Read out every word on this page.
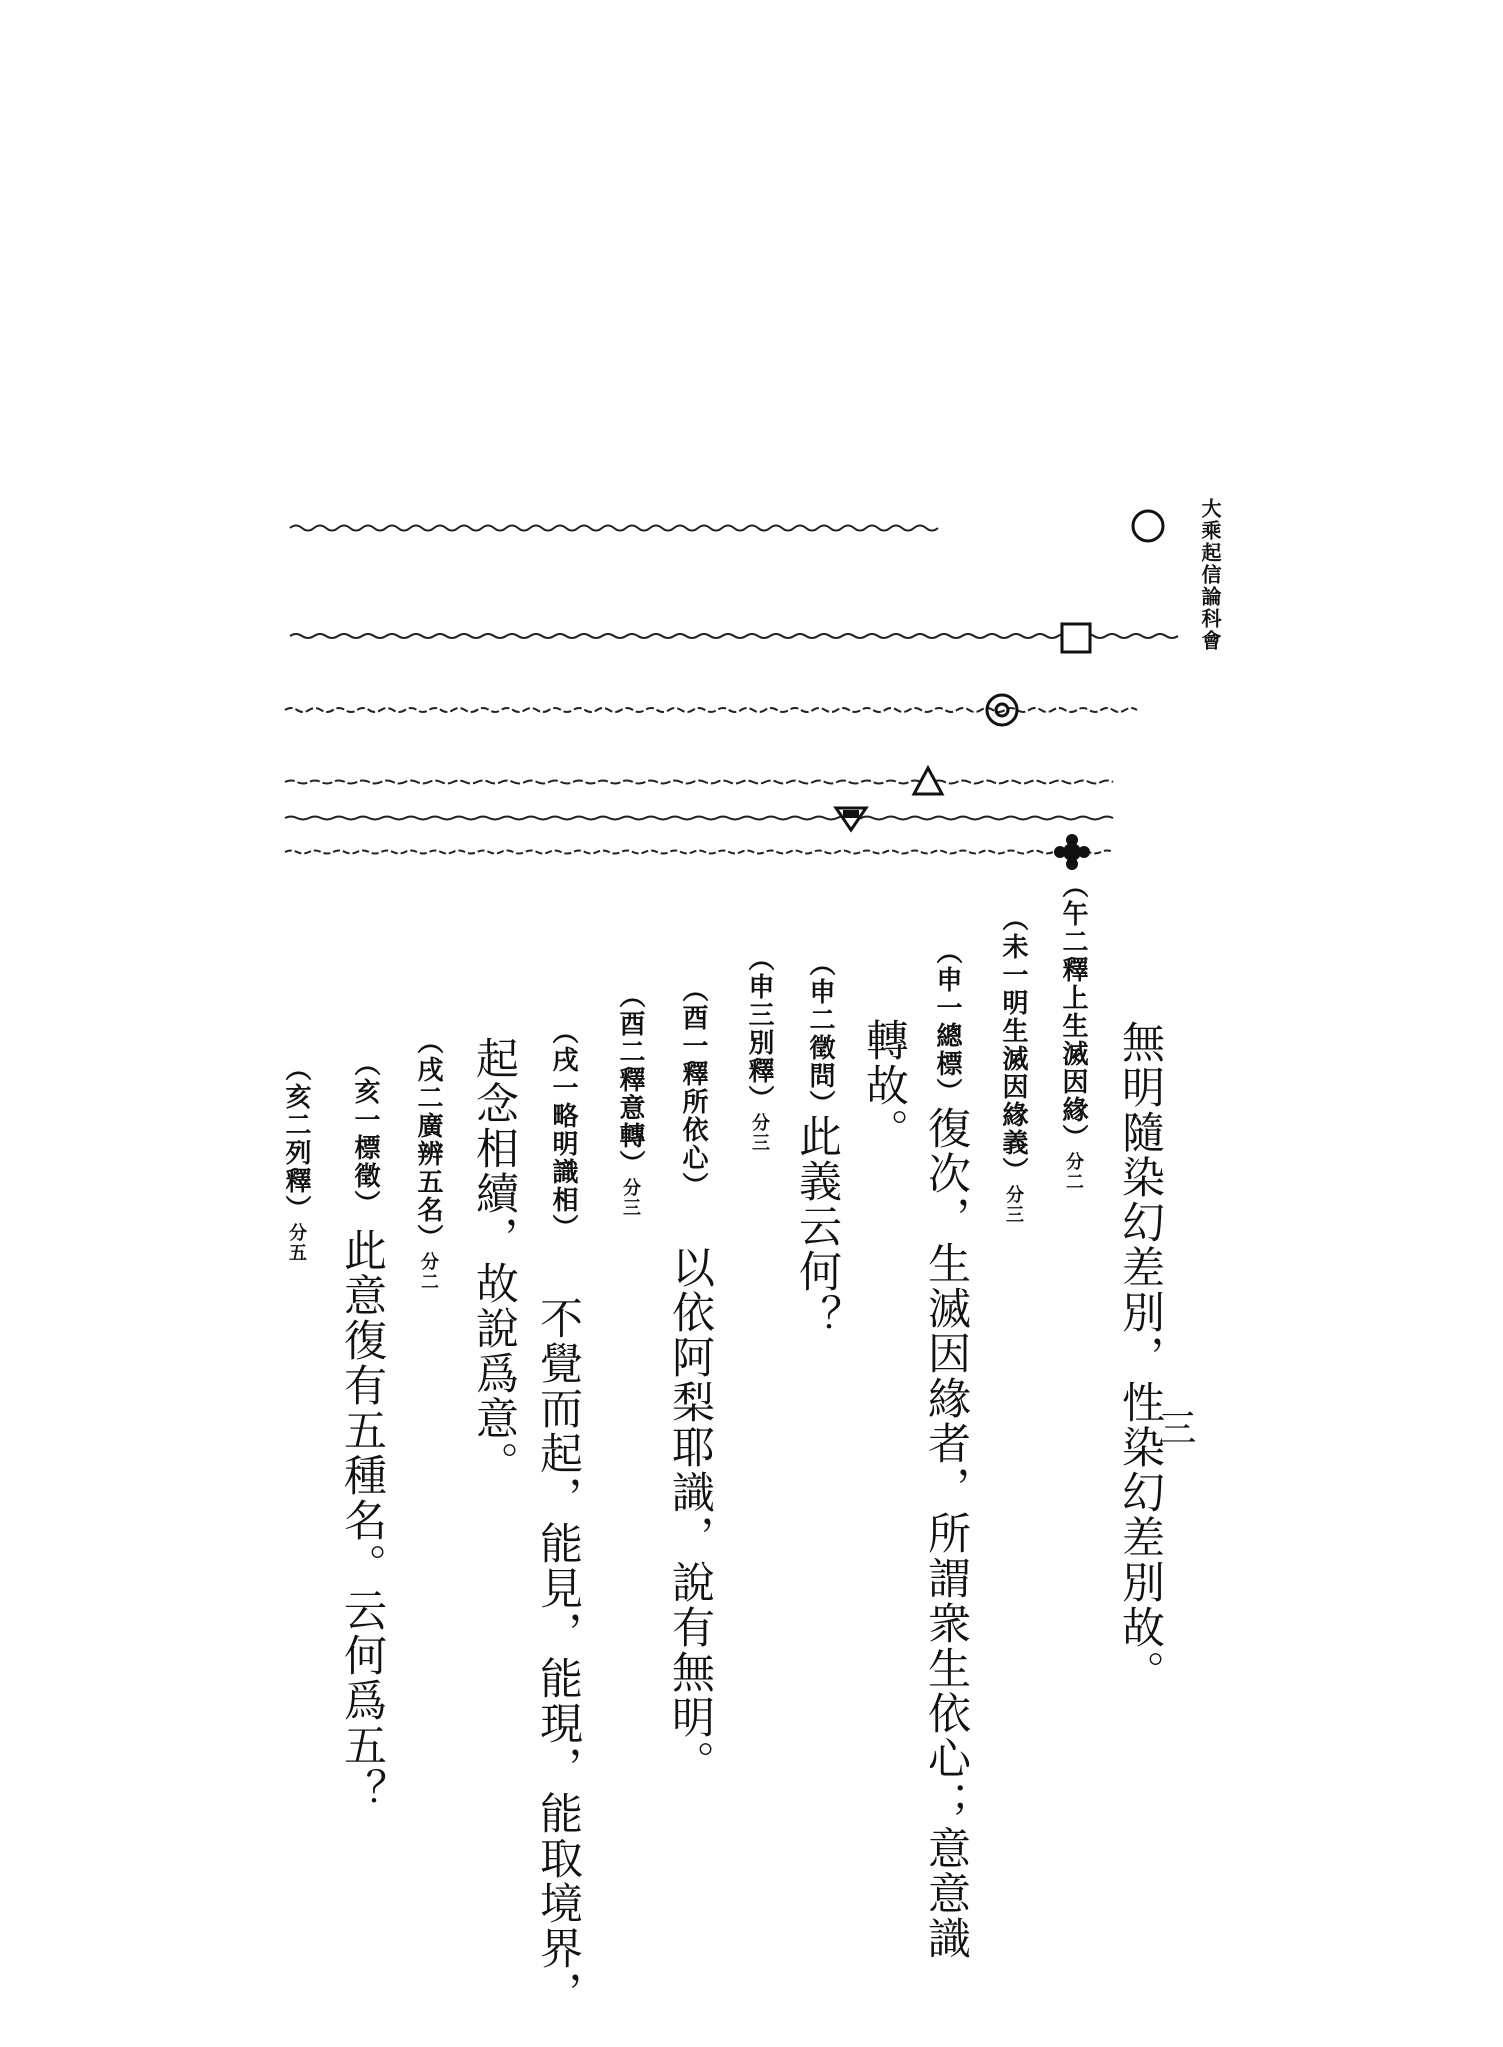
大乘起信論科會
三
（午二釋上生滅因緣）分二 無明隨染幻差別，性染幻差別故。
（未一明生滅因緣義）分三
（申一總標）
復次，生滅因緣者，所謂衆生依心；意意識
轉故。
（申二徵問）
此義云何？
（申三別釋）分三
（酉一釋所依心）
以依阿梨耶識，說有無明。
（酉二釋意轉）分三
（戌一略明識相）
不覺而起，能見，能現，能取境界，
起念相續，故說爲意。
（戌二廣辨五名）分二
（亥一標徵）
此意復有五種名。云何爲五？
（亥二列釋）分五
